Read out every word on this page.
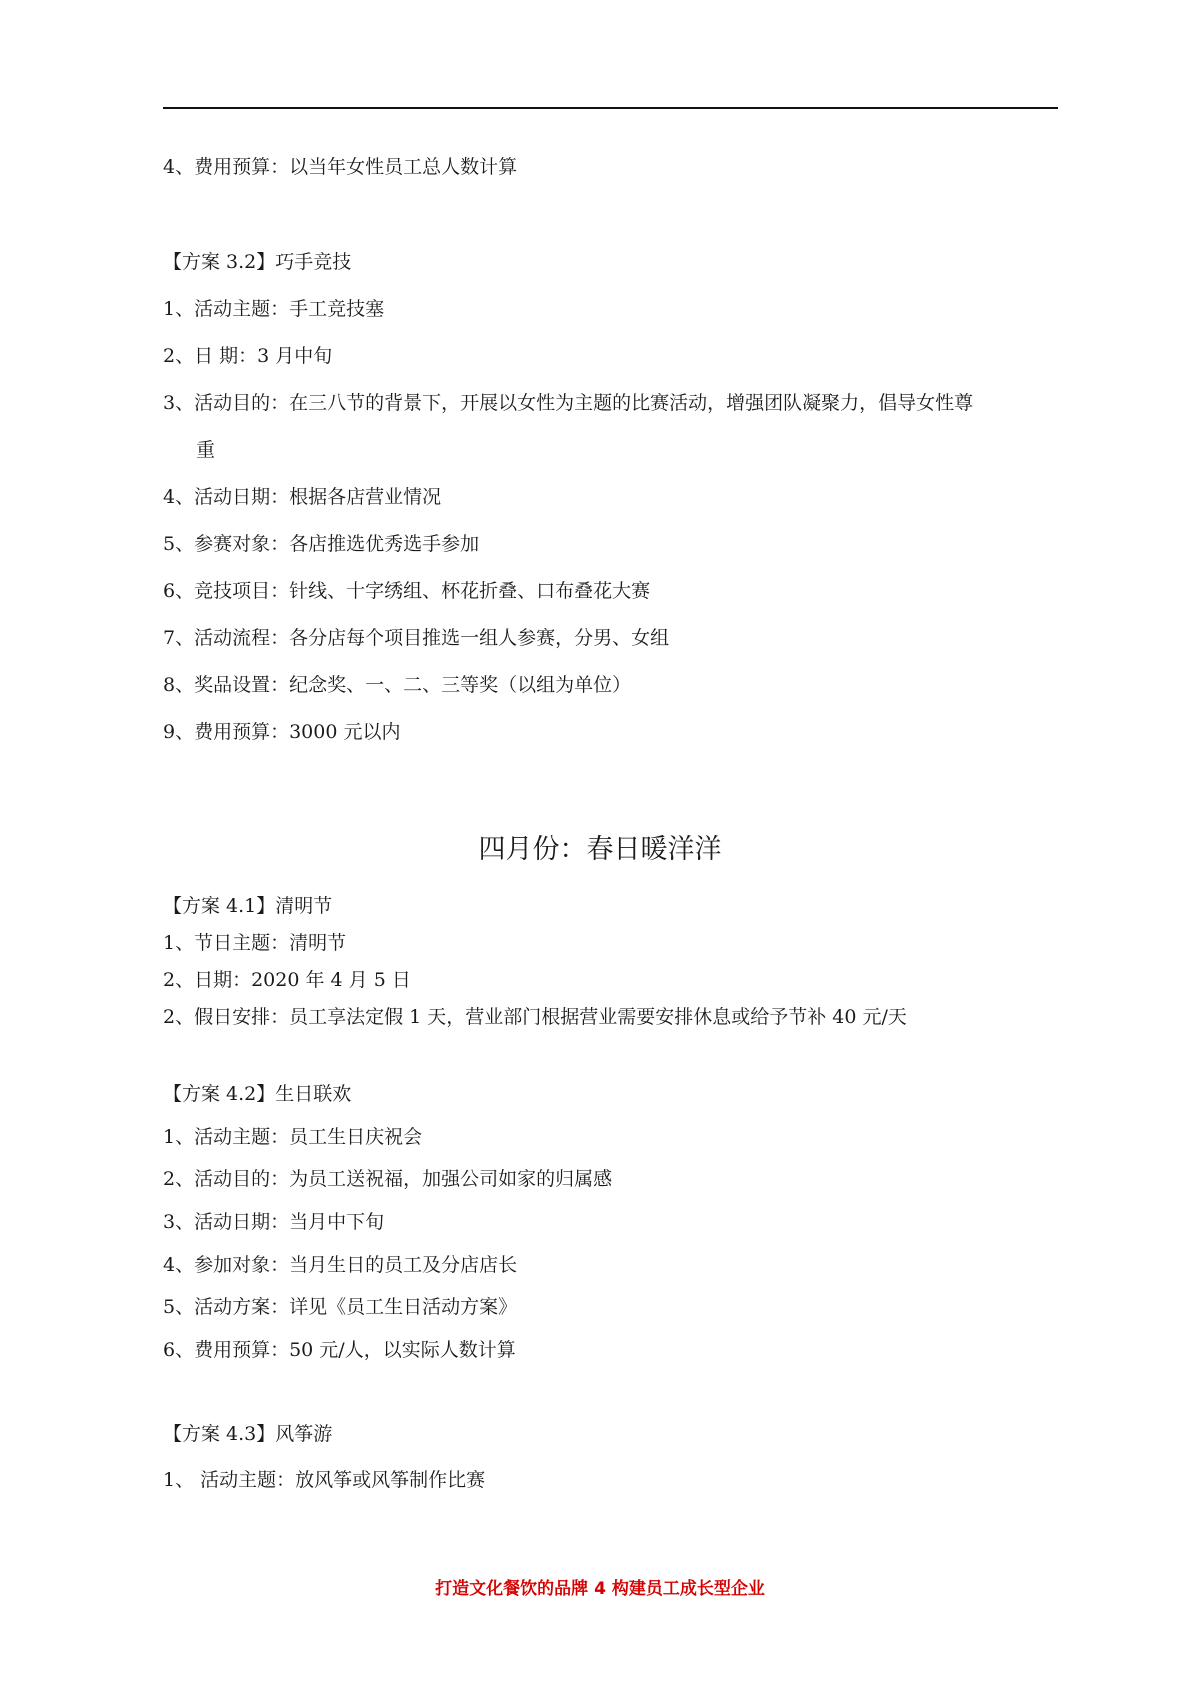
4、费用预算：以当年女性员工总人数计算
【方案 3.2】巧手竞技
1、活动主题：手工竞技塞
2、日 期：3 月中旬
3、活动目的：在三八节的背景下，开展以女性为主题的比赛活动，增强团队凝聚力，倡导女性尊
重
4、活动日期：根据各店营业情况
5、参赛对象：各店推选优秀选手参加
6、竞技项目：针线、十字绣组、杯花折叠、口布叠花大赛
7、活动流程：各分店每个项目推选一组人参赛，分男、女组
8、奖品设置：纪念奖、一、二、三等奖（以组为单位）
9、费用预算：3000 元以内
四月份：春日暖洋洋
【方案 4.1】清明节
1、节日主题：清明节
2、日期：2020 年 4 月 5 日
2、假日安排：员工享法定假 1 天，营业部门根据营业需要安排休息或给予节补 40 元/天
【方案 4.2】生日联欢
1、活动主题：员工生日庆祝会
2、活动目的：为员工送祝福，加强公司如家的归属感
3、活动日期：当月中下旬
4、参加对象：当月生日的员工及分店店长
5、活动方案：详见《员工生日活动方案》
6、费用预算：50 元/人，以实际人数计算
【方案 4.3】风筝游
1、 活动主题：放风筝或风筝制作比赛
打造文化餐饮的品牌 4 构建员工成长型企业
